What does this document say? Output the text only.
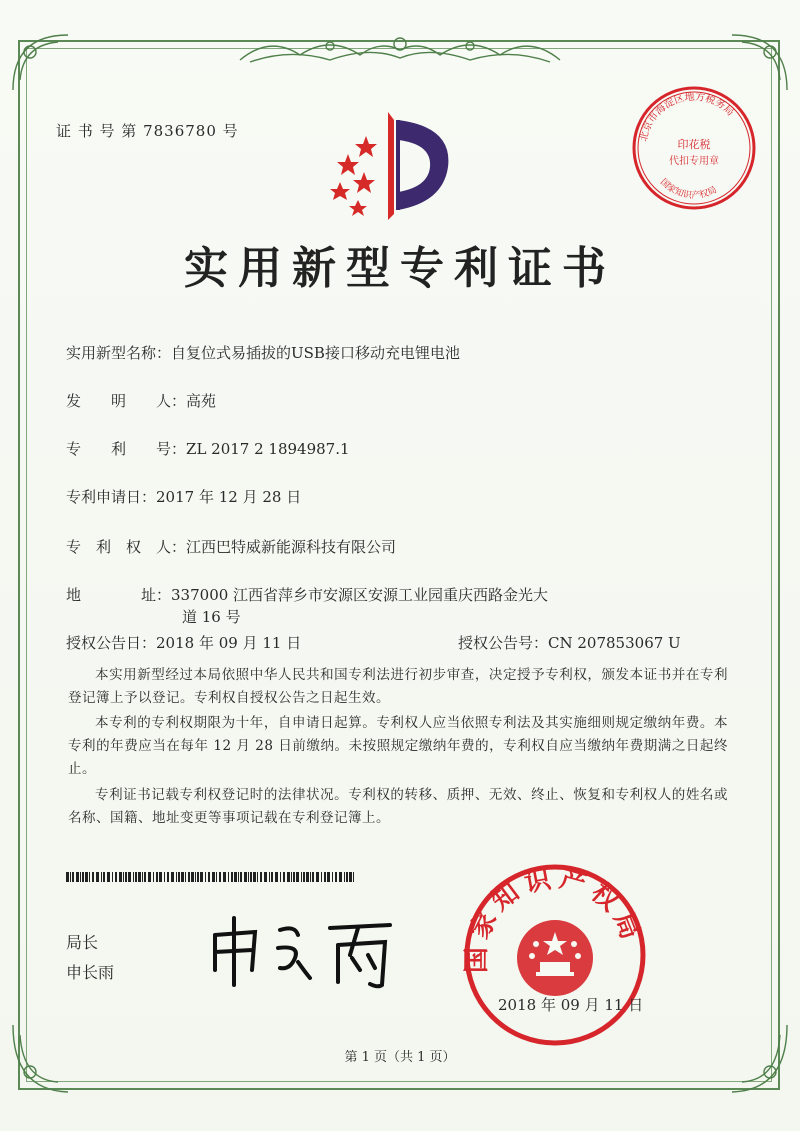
证 书 号 第 7836780 号	北京市海淀区地方税务局
国家知识产权局
印花税
代扣专用章
实用新型专利证书
实用新型名称：自复位式易插拔的USB接口移动充电锂电池
发　　明　　人：高苑
专　　利　　号：ZL 2017 2 1894987.1
专利申请日：2017 年 12 月 28 日
专　利　权　人：江西巴特威新能源科技有限公司
地　　　　址：337000 江西省萍乡市安源区安源工业园重庆西路金光大
道 16 号
授权公告日：2018 年 09 月 11 日	授权公告号：CN 207853067 U
本实用新型经过本局依照中华人民共和国专利法进行初步审查，决定授予专利权，颁发本证书并在专利登记簿上予以登记。专利权自授权公告之日起生效。
本专利的专利权期限为十年，自申请日起算。专利权人应当依照专利法及其实施细则规定缴纳年费。本专利的年费应当在每年 12 月 28 日前缴纳。未按照规定缴纳年费的，专利权自应当缴纳年费期满之日起终止。
专利证书记载专利权登记时的法律状况。专利权的转移、质押、无效、终止、恢复和专利权人的姓名或名称、国籍、地址变更等事项记载在专利登记簿上。
局长
申长雨	国家知识产权局
2018 年 09 月 11 日
第 1 页（共 1 页）
